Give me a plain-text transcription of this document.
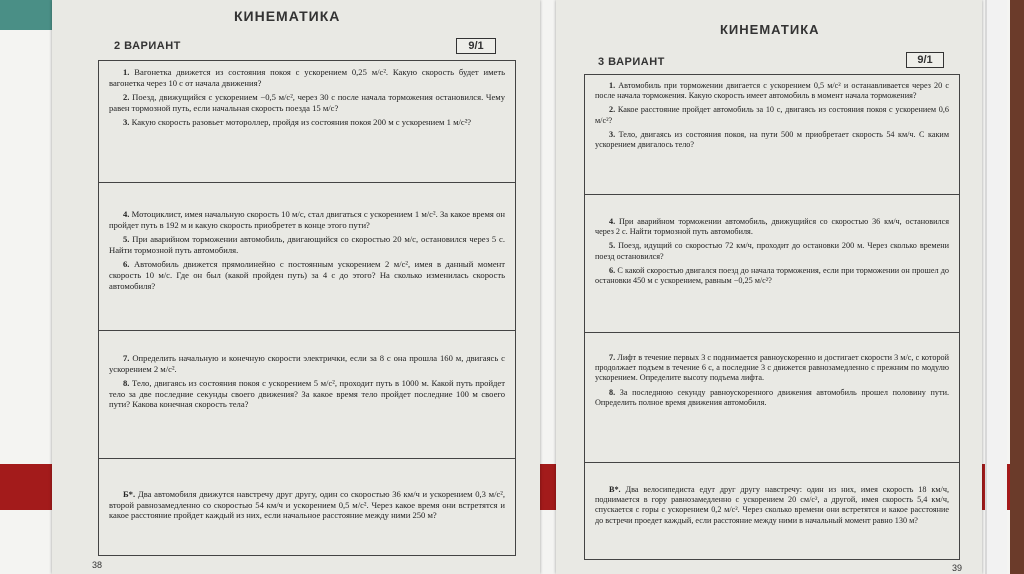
КИНЕМАТИКА
2 ВАРИАНТ	9/1

1. Вагонетка движется из состояния покоя с ускорением 0,25 м/с². Какую скорость будет иметь вагонетка через 10 с от начала движения?

2. Поезд, движущийся с ускорением −0,5 м/с², через 30 с после начала торможения остановился. Чему равен тормозной путь, если начальная скорость поезда 15 м/с?

3. Какую скорость разовьет мотороллер, пройдя из состояния покоя 200 м с ускорением 1 м/с²?

4. Мотоциклист, имея начальную скорость 10 м/с, стал двигаться с ускорением 1 м/с². За какое время он пройдет путь в 192 м и какую скорость приобретет в конце этого пути?

5. При аварийном торможении автомобиль, двигающийся со скоростью 20 м/с, остановился через 5 с. Найти тормозной путь автомобиля.

6. Автомобиль движется прямолинейно с постоянным ускорением 2 м/с², имея в данный момент скорость 10 м/с. Где он был (какой пройден путь) за 4 с до этого? На сколько изменилась скорость автомобиля?

7. Определить начальную и конечную скорости электрички, если за 8 с она прошла 160 м, двигаясь с ускорением 2 м/с².

8. Тело, двигаясь из состояния покоя с ускорением 5 м/с², проходит путь в 1000 м. Какой путь пройдет тело за две последние секунды своего движения? За какое время тело пройдет последние 100 м своего пути? Какова конечная скорость тела?

Б*. Два автомобиля движутся навстречу друг другу, один со скоростью 36 км/ч и ускорением 0,3 м/с², второй равнозамедленно со скоростью 54 км/ч и ускорением 0,5 м/с². Через какое время они встретятся и какое расстояние пройдет каждый из них, если начальное расстояние между ними 250 м?

38
КИНЕМАТИКА
3 ВАРИАНТ	9/1

1. Автомобиль при торможении двигается с ускорением 0,5 м/с² и останавливается через 20 с после начала торможения. Какую скорость имеет автомобиль в момент начала торможения?

2. Какое расстояние пройдет автомобиль за 10 с, двигаясь из состояния покоя с ускорением 0,6 м/с²?

3. Тело, двигаясь из состояния покоя, на пути 500 м приобретает скорость 54 км/ч. С каким ускорением двигалось тело?

4. При аварийном торможении автомобиль, движущийся со скоростью 36 км/ч, остановился через 2 с. Найти тормозной путь автомобиля.

5. Поезд, идущий со скоростью 72 км/ч, проходит до остановки 200 м. Через сколько времени поезд остановился?

6. С какой скоростью двигался поезд до начала торможения, если при торможении он прошел до остановки 450 м с ускорением, равным −0,25 м/с²?

7. Лифт в течение первых 3 с поднимается равноускоренно и достигает скорости 3 м/с, с которой продолжает подъем в течение 6 с, а последние 3 с движется равнозамедленно с прежним по модулю ускорением. Определите высоту подъема лифта.

8. За последнюю секунду равноускоренного движения автомобиль прошел половину пути. Определить полное время движения автомобиля.

В*. Два велосипедиста едут друг другу навстречу: один из них, имея скорость 18 км/ч, поднимается в гору равнозамедленно с ускорением 20 см/с², а другой, имея скорость 5,4 км/ч, спускается с горы с ускорением 0,2 м/с². Через сколько времени они встретятся и какое расстояние до встречи проедет каждый, если расстояние между ними в начальный момент равно 130 м?

39
